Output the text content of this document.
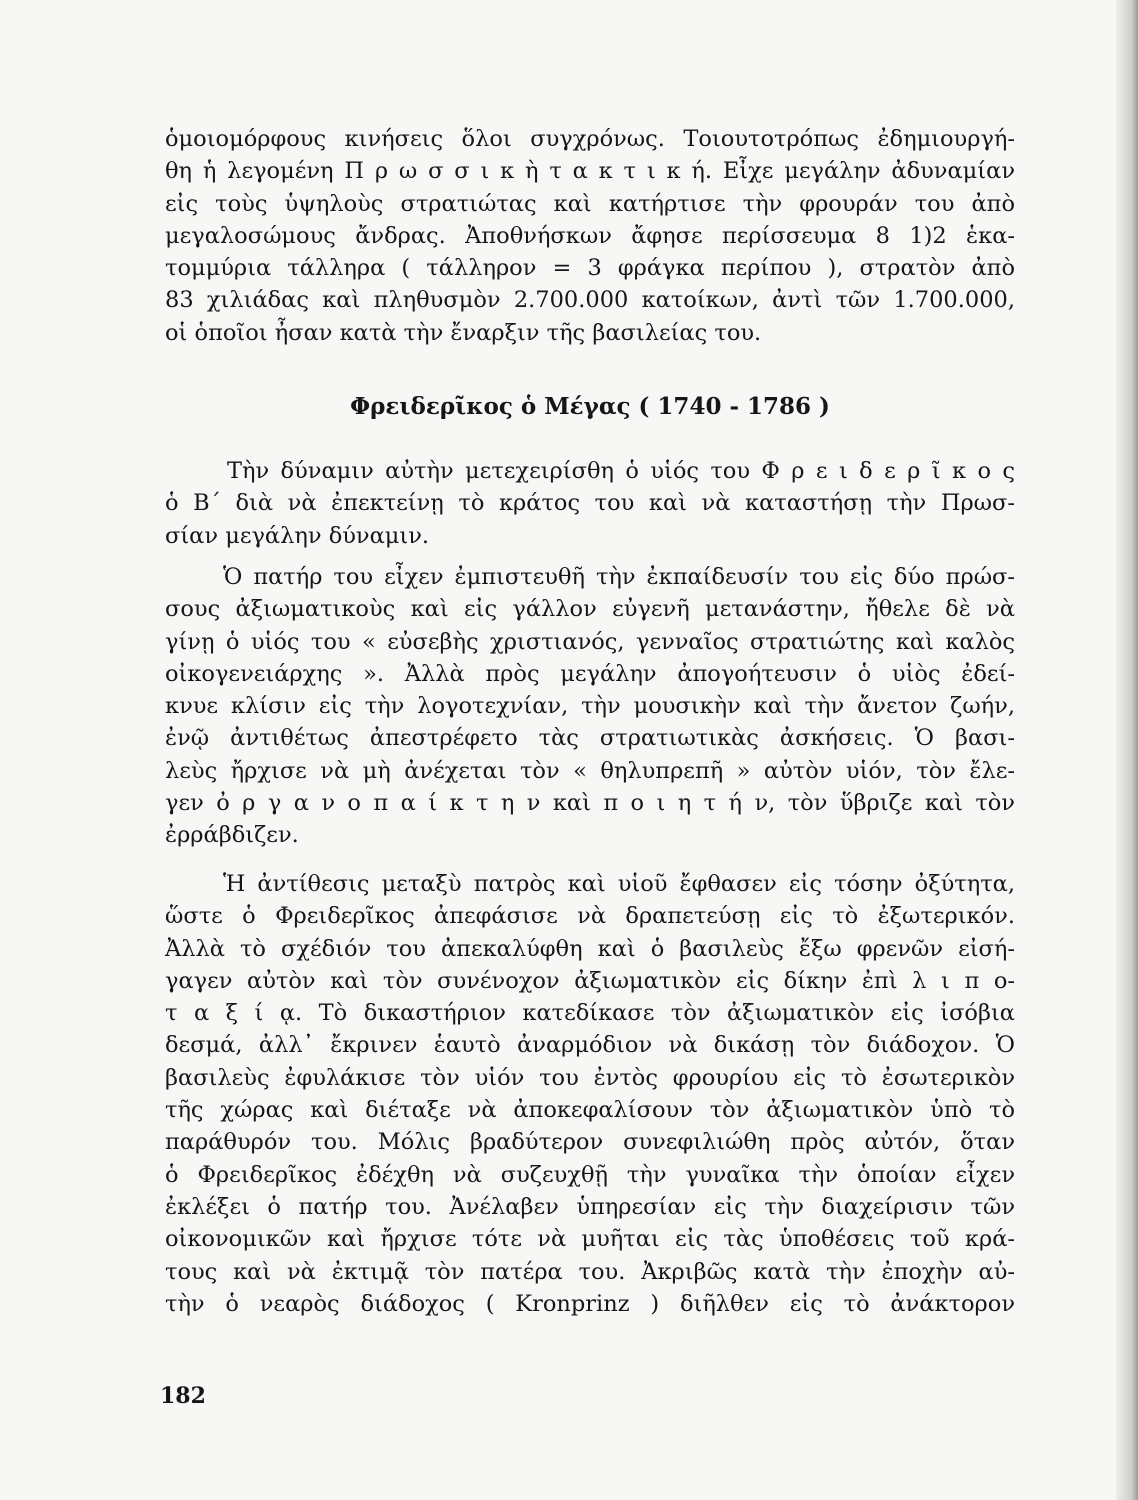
ὁμοιομόρφους κινήσεις ὅλοι συγχρόνως. Τοιουτοτρόπως ἐδημιουργή-
θη ἡ λεγομένη Π ρ ω σ σ ι κ ὴ τ α κ τ ι κ ή. Εἶχε μεγάλην ἀδυναμίαν
εἰς τοὺς ὑψηλοὺς στρατιώτας καὶ κατήρτισε τὴν φρουράν του ἀπὸ
μεγαλοσώμους ἄνδρας. Ἀποθνήσκων ἄφησε περίσσευμα 8 1)2 ἑκα-
τομμύρια τάλληρα ( τάλληρον = 3 φράγκα περίπου ), στρατὸν ἀπὸ
83 χιλιάδας καὶ πληθυσμὸν 2.700.000 κατοίκων, ἀντὶ τῶν 1.700.000,
οἱ ὁποῖοι ἦσαν κατὰ τὴν ἔναρξιν τῆς βασιλείας του.
Φρειδερῖκος ὁ Μέγας ( 1740 - 1786 )
Τὴν δύναμιν αὐτὴν μετεχειρίσθη ὁ υἱός του Φ ρ ε ι δ ε ρ ῖ κ ο ς
ὁ Β΄ διὰ νὰ ἐπεκτείνῃ τὸ κράτος του καὶ νὰ καταστήσῃ τὴν Πρωσ-
σίαν μεγάλην δύναμιν.
Ὁ πατήρ του εἶχεν ἐμπιστευθῆ τὴν ἐκπαίδευσίν του εἰς δύο πρώσ-
σους ἀξιωματικοὺς καὶ εἰς γάλλον εὐγενῆ μετανάστην, ἤθελε δὲ νὰ
γίνῃ ὁ υἱός του « εὐσεβὴς χριστιανός, γενναῖος στρατιώτης καὶ καλὸς
οἰκογενειάρχης ». Ἀλλὰ πρὸς μεγάλην ἀπογοήτευσιν ὁ υἱὸς ἐδεί-
κνυε κλίσιν εἰς τὴν λογοτεχνίαν, τὴν μουσικὴν καὶ τὴν ἄνετον ζωήν,
ἐνῷ ἀντιθέτως ἀπεστρέφετο τὰς στρατιωτικὰς ἀσκήσεις. Ὁ βασι-
λεὺς ἤρχισε νὰ μὴ ἀνέχεται τὸν « θηλυπρεπῆ » αὐτὸν υἱόν, τὸν ἔλε-
γεν ὀ ρ γ α ν ο π α ί κ τ η ν καὶ π ο ι η τ ή ν, τὸν ὕβριζε καὶ τὸν
ἐρράβδιζεν.
Ἡ ἀντίθεσις μεταξὺ πατρὸς καὶ υἱοῦ ἔφθασεν εἰς τόσην ὀξύτητα,
ὥστε ὁ Φρειδερῖκος ἀπεφάσισε νὰ δραπετεύσῃ εἰς τὸ ἐξωτερικόν.
Ἀλλὰ τὸ σχέδιόν του ἀπεκαλύφθη καὶ ὁ βασιλεὺς ἔξω φρενῶν εἰσή-
γαγεν αὐτὸν καὶ τὸν συνένοχον ἀξιωματικὸν εἰς δίκην ἐπὶ λ ι π ο-
τ α ξ ί ᾳ. Τὸ δικαστήριον κατεδίκασε τὸν ἀξιωματικὸν εἰς ἰσόβια
δεσμά, ἀλλ᾽ ἔκρινεν ἑαυτὸ ἀναρμόδιον νὰ δικάσῃ τὸν διάδοχον. Ὁ
βασιλεὺς ἐφυλάκισε τὸν υἱόν του ἐντὸς φρουρίου εἰς τὸ ἐσωτερικὸν
τῆς χώρας καὶ διέταξε νὰ ἀποκεφαλίσουν τὸν ἀξιωματικὸν ὑπὸ τὸ
παράθυρόν του. Μόλις βραδύτερον συνεφιλιώθη πρὸς αὐτόν, ὅταν
ὁ Φρειδερῖκος ἐδέχθη νὰ συζευχθῇ τὴν γυναῖκα τὴν ὁποίαν εἶχεν
ἐκλέξει ὁ πατήρ του. Ἀνέλαβεν ὑπηρεσίαν εἰς τὴν διαχείρισιν τῶν
οἰκονομικῶν καὶ ἤρχισε τότε νὰ μυῆται εἰς τὰς ὑποθέσεις τοῦ κρά-
τους καὶ νὰ ἐκτιμᾷ τὸν πατέρα του. Ἀκριβῶς κατὰ τὴν ἐποχὴν αὐ-
τὴν ὁ νεαρὸς διάδοχος ( Kronprinz ) διῆλθεν εἰς τὸ ἀνάκτορον
182
